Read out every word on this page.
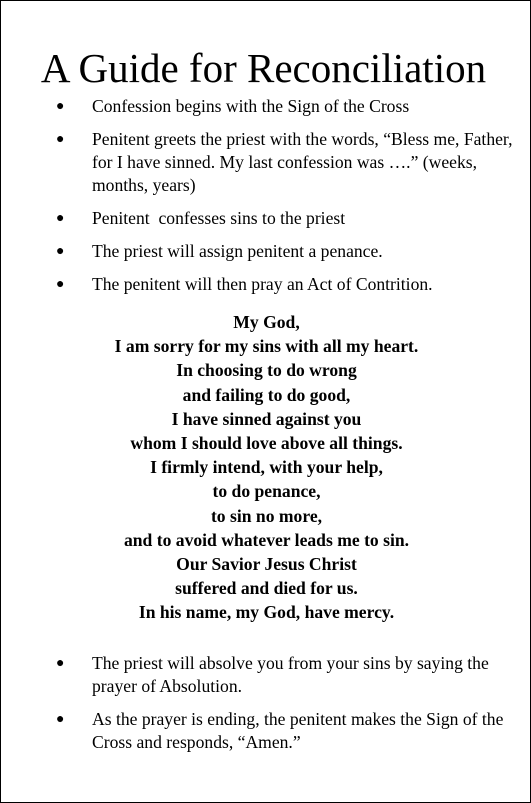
A Guide for Reconciliation
● Confession begins with the Sign of the Cross
● Penitent greets the priest with the words, “Bless me, Father, for I have sinned. My last confession was ….” (weeks, months, years)
● Penitent  confesses sins to the priest
● The priest will assign penitent a penance.
● The penitent will then pray an Act of Contrition.
My God,
I am sorry for my sins with all my heart.
In choosing to do wrong
and failing to do good,
I have sinned against you
whom I should love above all things.
I firmly intend, with your help,
to do penance,
to sin no more,
and to avoid whatever leads me to sin.
Our Savior Jesus Christ
suffered and died for us.
In his name, my God, have mercy.
● The priest will absolve you from your sins by saying the prayer of Absolution.
● As the prayer is ending, the penitent makes the Sign of the Cross and responds, “Amen.”
